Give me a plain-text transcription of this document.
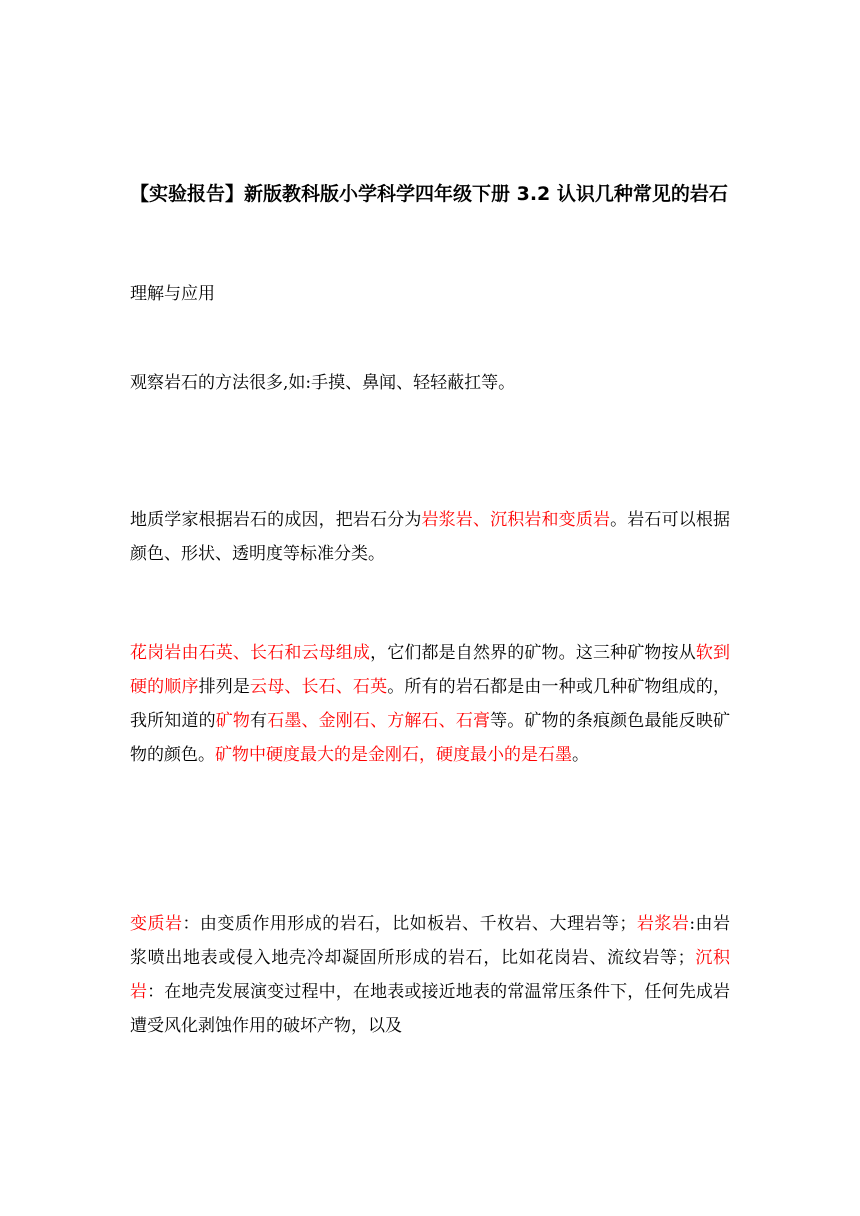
【实验报告】新版教科版小学科学四年级下册 3.2 认识几种常见的岩石

理解与应用

观察岩石的方法很多,如:手摸、鼻闻、轻轻蔽扛等。

地质学家根据岩石的成因，把岩石分为岩浆岩、沉积岩和变质岩。岩石可以根据颜色、形状、透明度等标准分类。

花岗岩由石英、长石和云母组成，它们都是自然界的矿物。这三种矿物按从软到硬的顺序排列是云母、长石、石英。所有的岩石都是由一种或几种矿物组成的，我所知道的矿物有石墨、金刚石、方解石、石膏等。矿物的条痕颜色最能反映矿物的颜色。矿物中硬度最大的是金刚石，硬度最小的是石墨。

变质岩：由变质作用形成的岩石，比如板岩、千枚岩、大理岩等；岩浆岩:由岩浆喷出地表或侵入地壳冷却凝固所形成的岩石，比如花岗岩、流纹岩等；沉积岩：在地壳发展演变过程中，在地表或接近地表的常温常压条件下，任何先成岩遭受风化剥蚀作用的破坏产物，以及
